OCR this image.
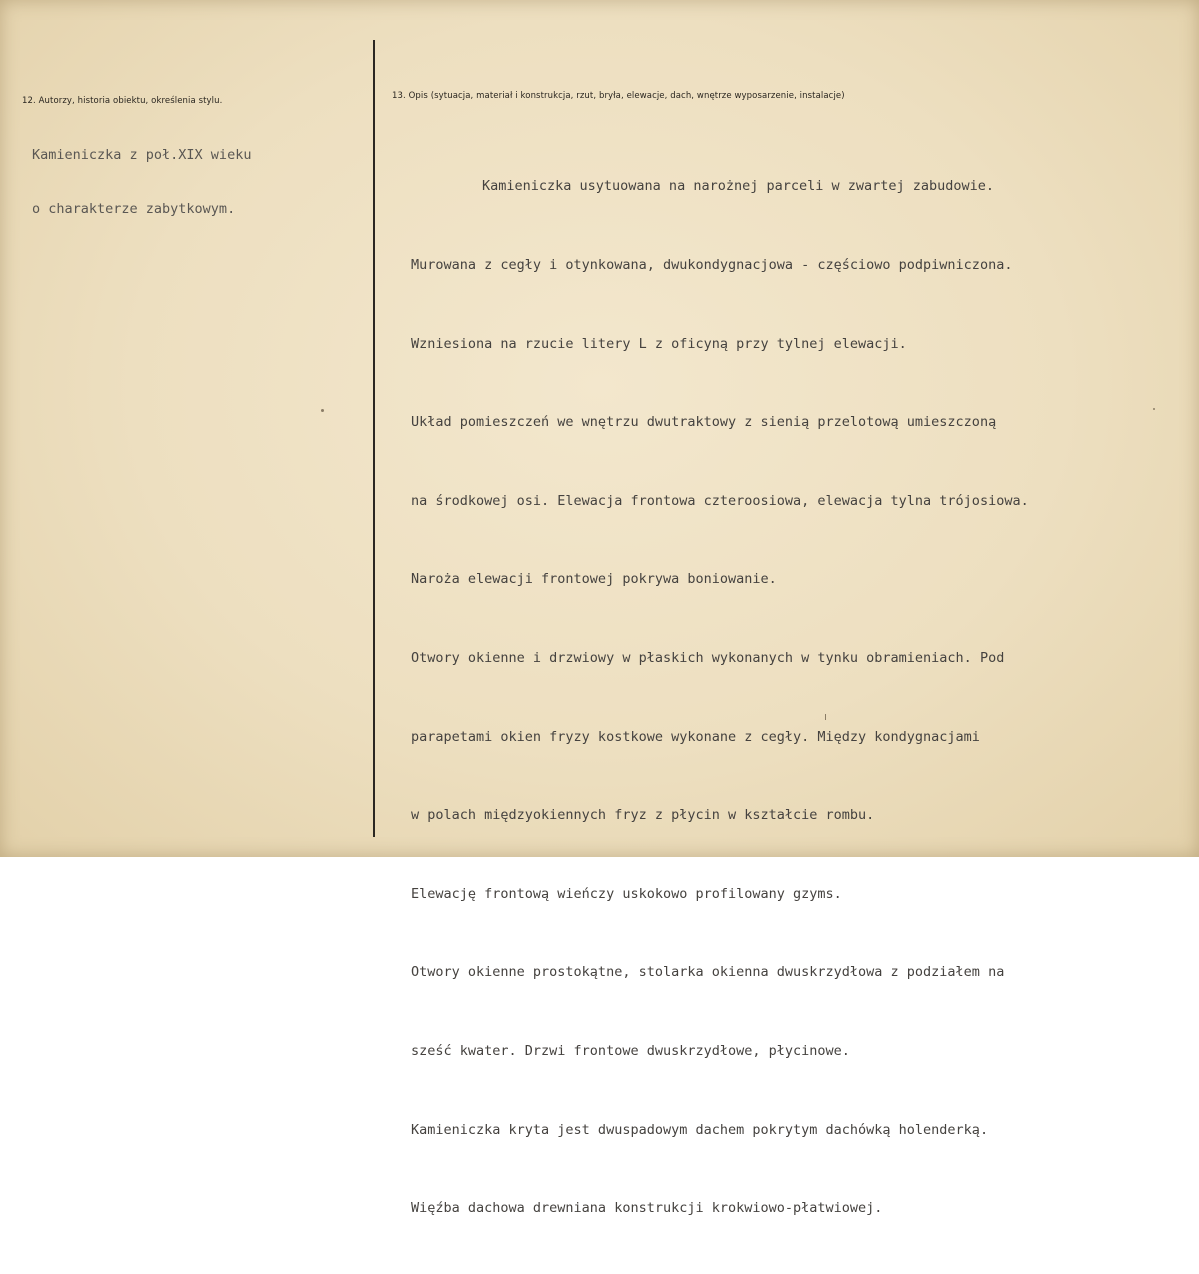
12. Autorzy, historia obiektu, określenia stylu.	13. Opis (sytuacja, materiał i konstrukcja, rzut, bryła, elewacje, dach, wnętrze wyposarzenie, instalacje)

Kamieniczka z poł.XIX wieku

o charakterze zabytkowym.

Kamieniczka usytuowana na narożnej parceli w zwartej zabudowie.

Murowana z cegły i otynkowana, dwukondygnacjowa - częściowo podpiwniczona.

Wzniesiona na rzucie litery L z oficyną przy tylnej elewacji.

Układ pomieszczeń we wnętrzu dwutraktowy z sienią przelotową umieszczoną

na środkowej osi. Elewacja frontowa czteroosiowa, elewacja tylna trójosiowa.

Naroża elewacji frontowej pokrywa boniowanie.

Otwory okienne i drzwiowy w płaskich wykonanych w tynku obramieniach. Pod

parapetami okien fryzy kostkowe wykonane z cegły. Między kondygnacjami

w polach międzyokiennych fryz z płycin w kształcie rombu.

Elewację frontową wieńczy uskokowo profilowany gzyms.

Otwory okienne prostokątne, stolarka okienna dwuskrzydłowa z podziałem na

sześć kwater. Drzwi frontowe dwuskrzydłowe, płycinowe.

Kamieniczka kryta jest dwuspadowym dachem pokrytym dachówką holenderką.

Więźba dachowa drewniana konstrukcji krokwiowo-płatwiowej.
